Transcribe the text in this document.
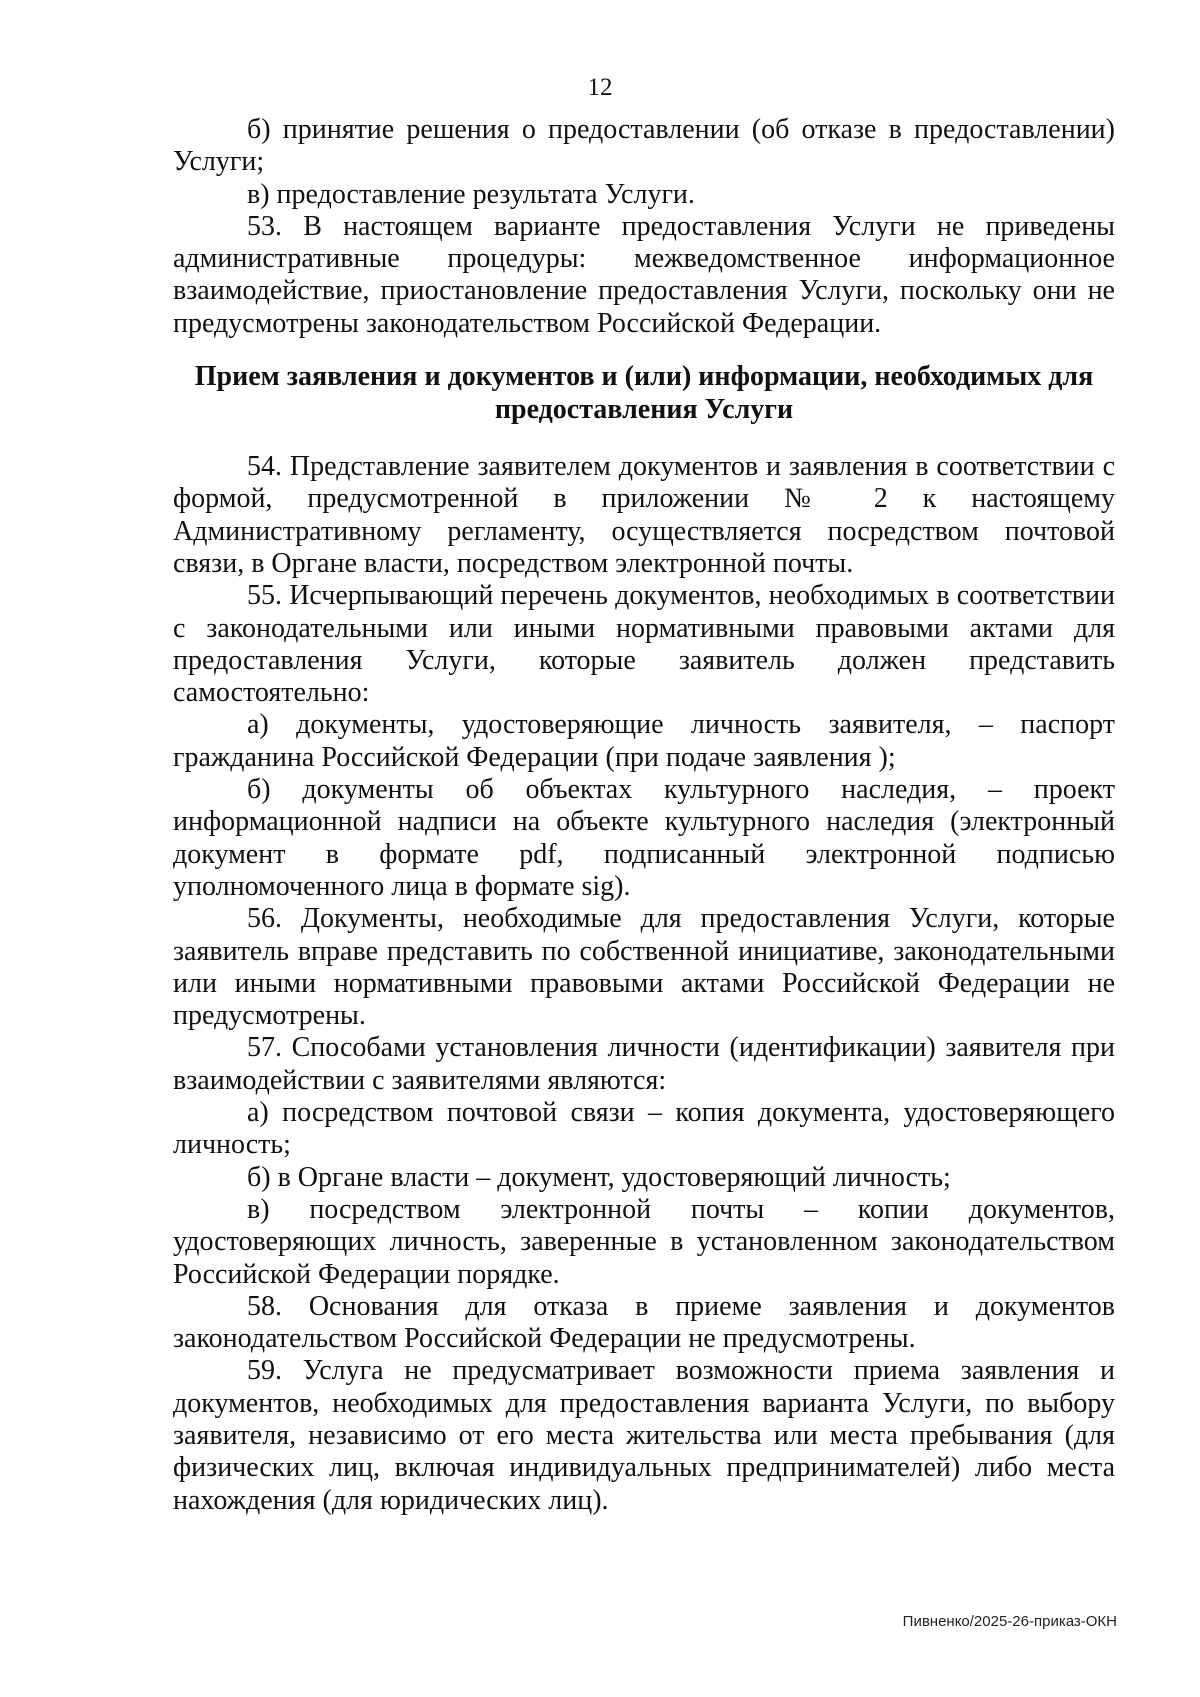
12

б) принятие решения о предоставлении (об отказе в предоставлении) Услуги;

в) предоставление результата Услуги.

53. В настоящем варианте предоставления Услуги не приведены административные процедуры: межведомственное информационное взаимодействие, приостановление предоставления Услуги, поскольку они не предусмотрены законодательством Российской Федерации.

Прием заявления и документов и (или) информации, необходимых для предоставления Услуги

54. Представление заявителем документов и заявления в соответствии с формой, предусмотренной в приложении № 2 к настоящему Административному регламенту, осуществляется посредством почтовой связи, в Органе власти, посредством электронной почты.

55. Исчерпывающий перечень документов, необходимых в соответствии с законодательными или иными нормативными правовыми актами для предоставления Услуги, которые заявитель должен представить самостоятельно:

а) документы, удостоверяющие личность заявителя, – паспорт гражданина Российской Федерации (при подаче заявления );

б) документы об объектах культурного наследия, – проект информационной надписи на объекте культурного наследия (электронный документ в формате pdf, подписанный электронной подписью уполномоченного лица в формате sig).

56. Документы, необходимые для предоставления Услуги, которые заявитель вправе представить по собственной инициативе, законодательными или иными нормативными правовыми актами Российской Федерации не предусмотрены.

57. Способами установления личности (идентификации) заявителя при взаимодействии с заявителями являются:

а) посредством почтовой связи – копия документа, удостоверяющего личность;

б) в Органе власти – документ, удостоверяющий личность;

в) посредством электронной почты – копии документов, удостоверяющих личность, заверенные в установленном законодательством Российской Федерации порядке.

58. Основания для отказа в приеме заявления и документов законодательством Российской Федерации не предусмотрены.

59. Услуга не предусматривает возможности приема заявления и документов, необходимых для предоставления варианта Услуги, по выбору заявителя, независимо от его места жительства или места пребывания (для физических лиц, включая индивидуальных предпринимателей) либо места нахождения (для юридических лиц).

Пивненко/2025-26-приказ-ОКН
